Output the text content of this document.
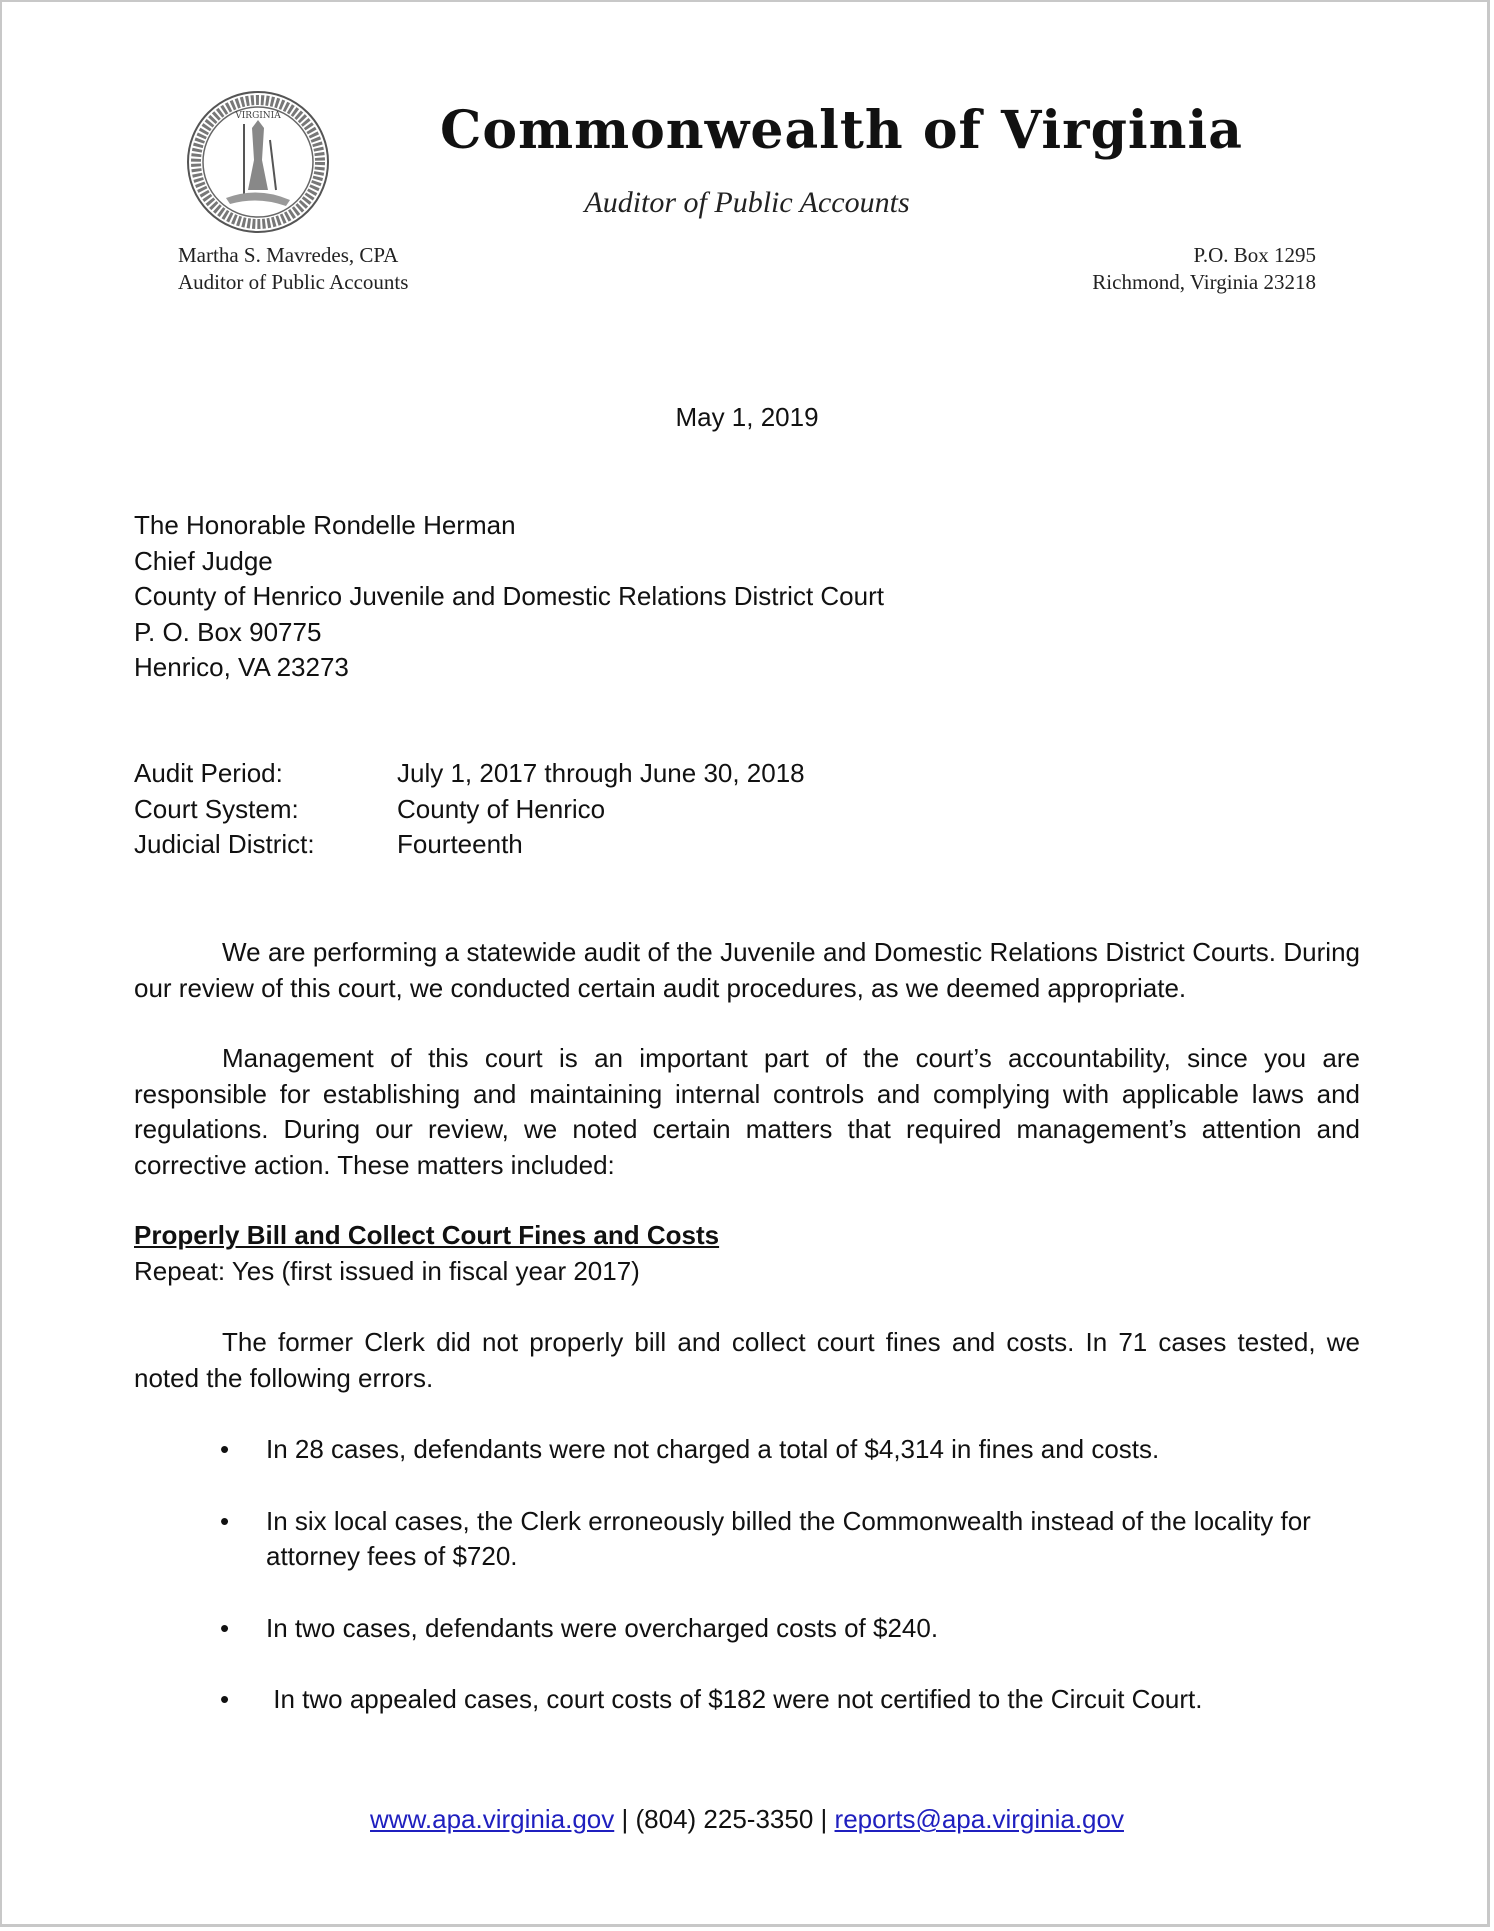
VIRGINIA	Commonwealth of Virginia
Auditor of Public Accounts
Martha S. Mavredes, CPA
Auditor of Public Accounts
P.O. Box 1295
Richmond, Virginia 23218
May 1, 2019
The Honorable Rondelle Herman
Chief Judge
County of Henrico Juvenile and Domestic Relations District Court
P. O. Box 90775
Henrico, VA 23273
Audit Period:	July 1, 2017 through June 30, 2018
Court System:	County of Henrico
Judicial District:	Fourteenth
We are performing a statewide audit of the Juvenile and Domestic Relations District Courts. During our review of this court, we conducted certain audit procedures, as we deemed appropriate.
Management of this court is an important part of the court’s accountability, since you are responsible for establishing and maintaining internal controls and complying with applicable laws and regulations. During our review, we noted certain matters that required management’s attention and corrective action. These matters included:
Properly Bill and Collect Court Fines and Costs
Repeat: Yes (first issued in fiscal year 2017)
The former Clerk did not properly bill and collect court fines and costs. In 71 cases tested, we noted the following errors.
•	In 28 cases, defendants were not charged a total of $4,314 in fines and costs.
•	In six local cases, the Clerk erroneously billed the Commonwealth instead of the locality for attorney fees of $720.
•	In two cases, defendants were overcharged costs of $240.
•	In two appealed cases, court costs of $182 were not certified to the Circuit Court.
www.apa.virginia.gov | (804) 225-3350 | reports@apa.virginia.gov
